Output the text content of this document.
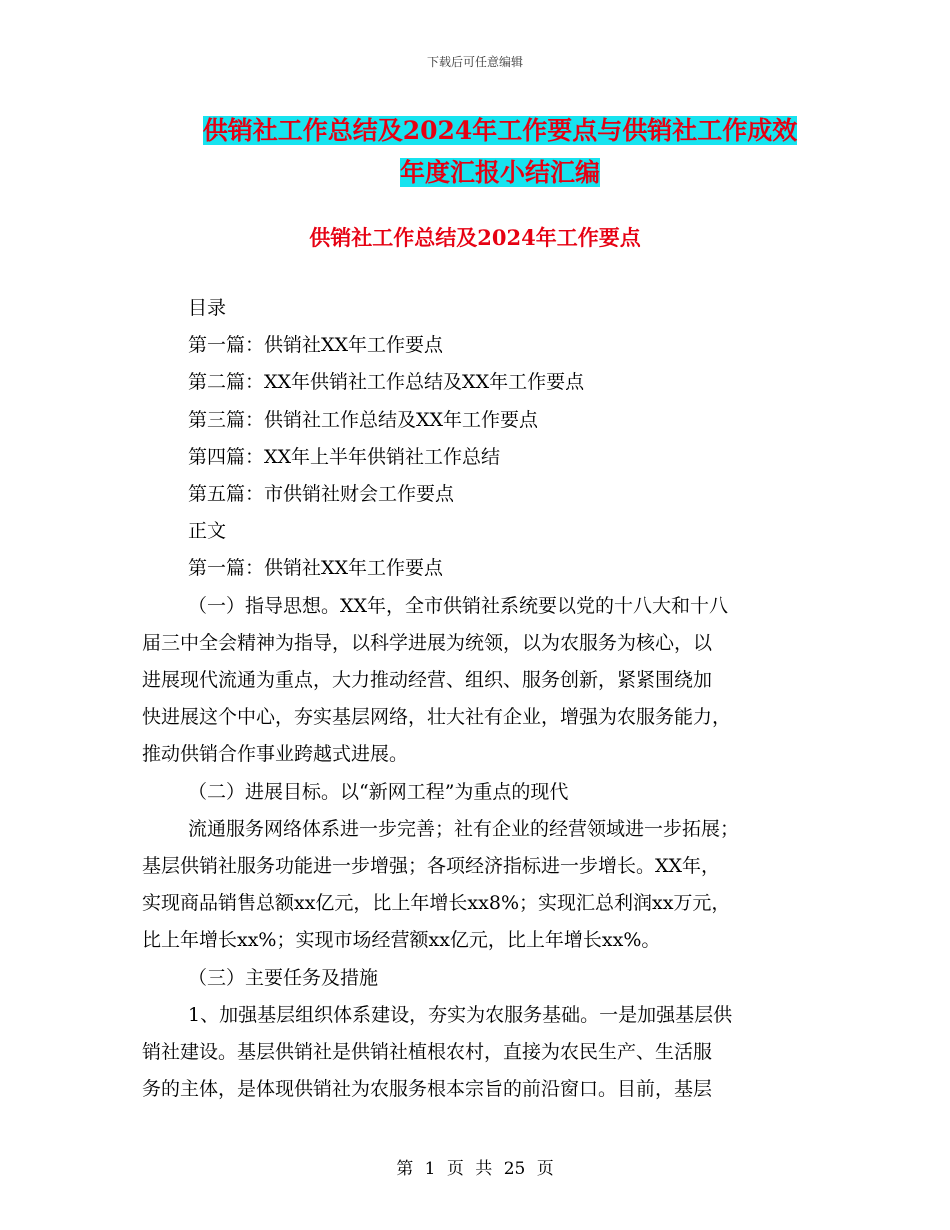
下载后可任意编辑
供销社工作总结及2024年工作要点与供销社工作成效
年度汇报小结汇编
供销社工作总结及2024年工作要点
目录
第一篇：供销社XX年工作要点
第二篇：XX年供销社工作总结及XX年工作要点
第三篇：供销社工作总结及XX年工作要点
第四篇：XX年上半年供销社工作总结
第五篇：市供销社财会工作要点
正文
第一篇：供销社XX年工作要点
（一）指导思想。XX年，全市供销社系统要以党的十八大和十八
届三中全会精神为指导，以科学进展为统领，以为农服务为核心，以
进展现代流通为重点，大力推动经营、组织、服务创新，紧紧围绕加
快进展这个中心，夯实基层网络，壮大社有企业，增强为农服务能力，
推动供销合作事业跨越式进展。
（二）进展目标。以“新网工程”为重点的现代
流通服务网络体系进一步完善；社有企业的经营领域进一步拓展；
基层供销社服务功能进一步增强；各项经济指标进一步增长。XX年，
实现商品销售总额xx亿元，比上年增长xx8%；实现汇总利润xx万元，
比上年增长xx%；实现市场经营额xx亿元，比上年增长xx%。
（三）主要任务及措施
1、加强基层组织体系建设，夯实为农服务基础。一是加强基层供
销社建设。基层供销社是供销社植根农村，直接为农民生产、生活服
务的主体，是体现供销社为农服务根本宗旨的前沿窗口。目前，基层
第 1 页 共 25 页
